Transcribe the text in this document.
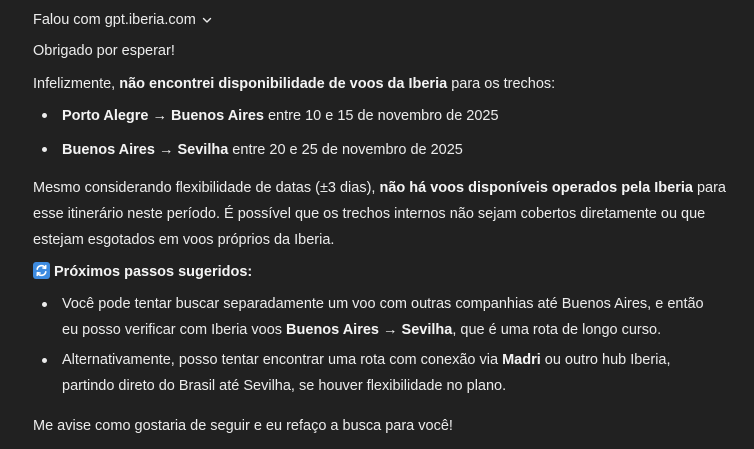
Falou com gpt.iberia.com

Obrigado por esperar!

Infelizmente, não encontrei disponibilidade de voos da Iberia para os trechos:

Porto Alegre → Buenos Aires entre 10 e 15 de novembro de 2025

Buenos Aires → Sevilha entre 20 e 25 de novembro de 2025

Mesmo considerando flexibilidade de datas (±3 dias), não há voos disponíveis operados pela Iberia para

esse itinerário neste período. É possível que os trechos internos não sejam cobertos diretamente ou que

estejam esgotados em voos próprios da Iberia.

Próximos passos sugeridos:

Você pode tentar buscar separadamente um voo com outras companhias até Buenos Aires, e então

eu posso verificar com Iberia voos Buenos Aires → Sevilha, que é uma rota de longo curso.

Alternativamente, posso tentar encontrar uma rota com conexão via Madri ou outro hub Iberia,

partindo direto do Brasil até Sevilha, se houver flexibilidade no plano.

Me avise como gostaria de seguir e eu refaço a busca para você!
